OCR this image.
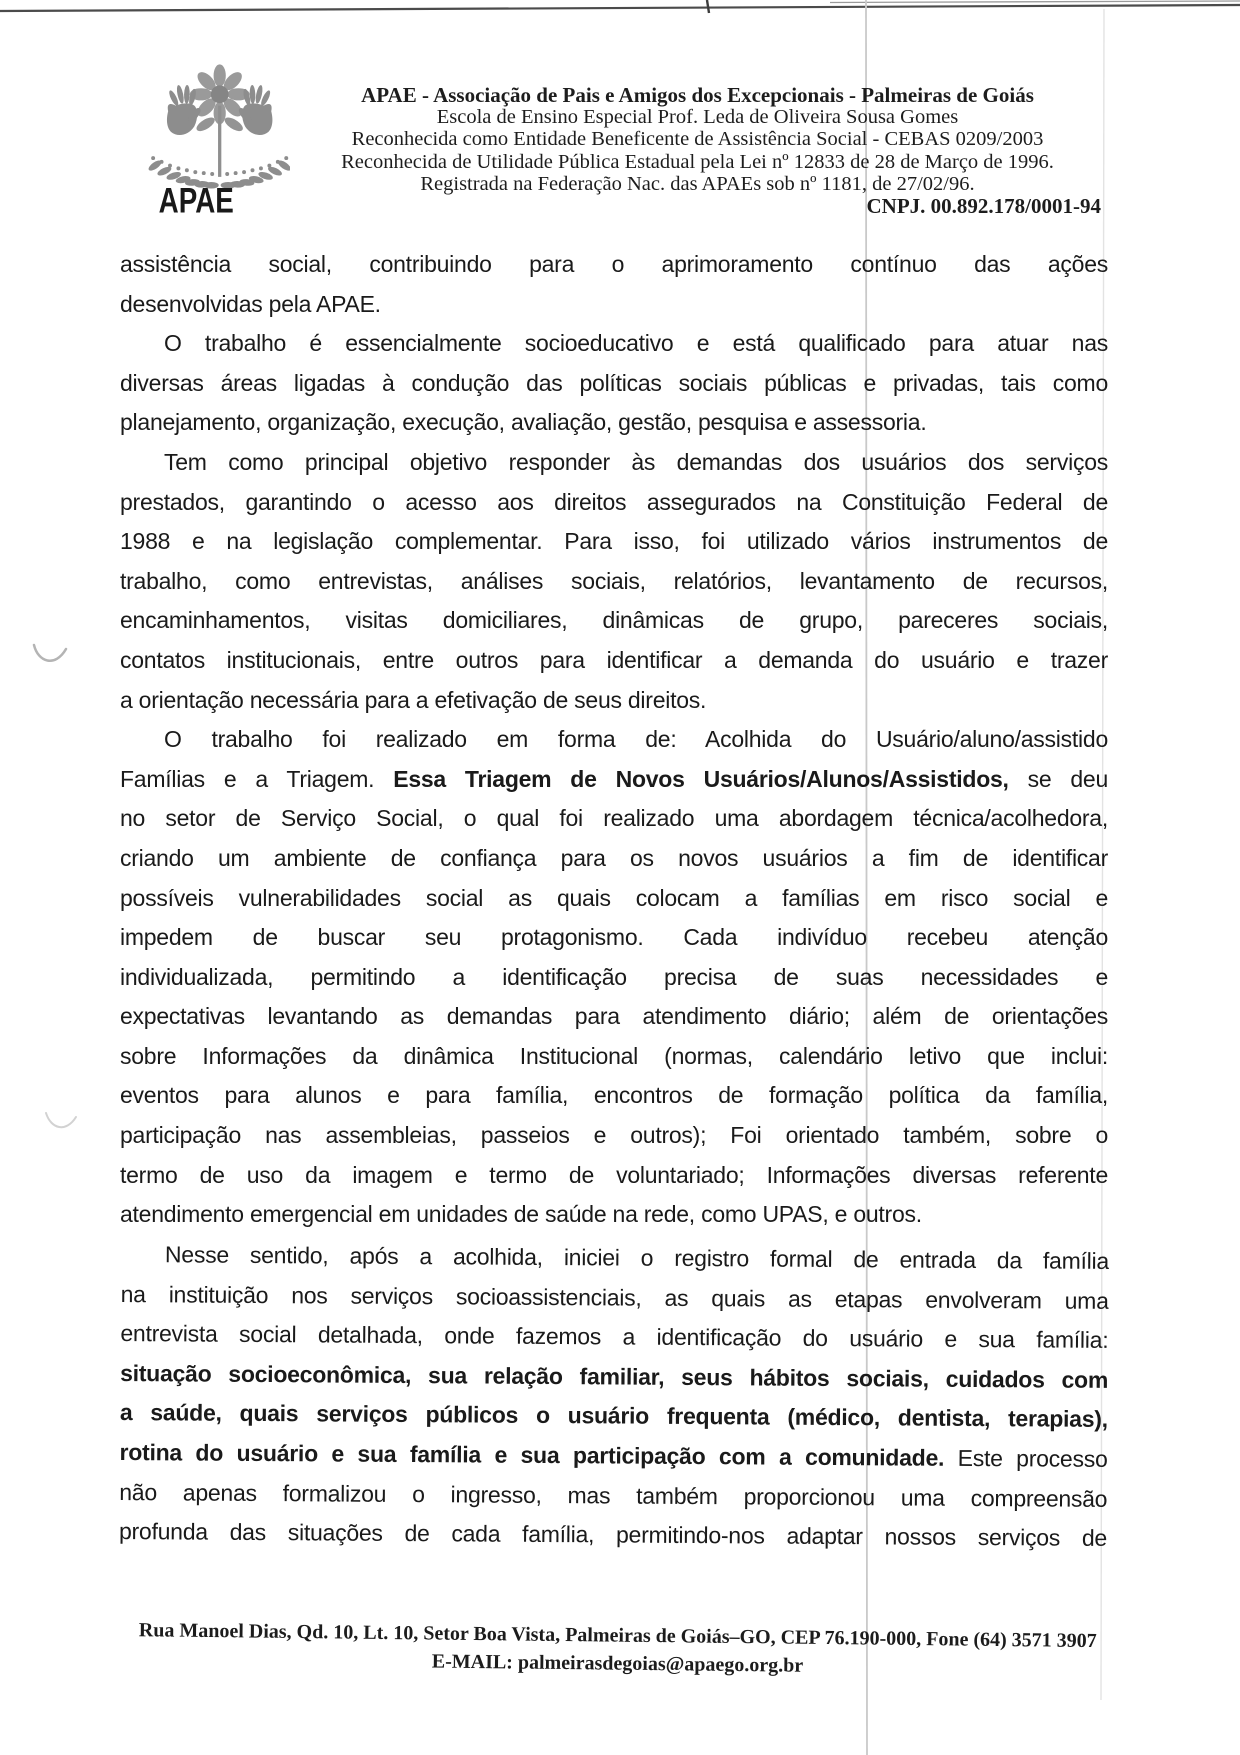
APAE
APAE - Associação de Pais e Amigos dos Excepcionais - Palmeiras de Goiás
Escola de Ensino Especial Prof. Leda de Oliveira Sousa Gomes
Reconhecida como Entidade Beneficente de Assistência Social - CEBAS 0209/2003
Reconhecida de Utilidade Pública Estadual pela Lei nº 12833 de 28 de Março de 1996.
Registrada na Federação Nac. das APAEs sob nº 1181, de 27/02/96.
CNPJ. 00.892.178/0001-94
assistência social, contribuindo para o aprimoramento contínuo das ações
desenvolvidas pela APAE.
O trabalho é essencialmente socioeducativo e está qualificado para atuar nas
diversas áreas ligadas à condução das políticas sociais públicas e privadas, tais como
planejamento, organização, execução, avaliação, gestão, pesquisa e assessoria.
Tem como principal objetivo responder às demandas dos usuários dos serviços
prestados, garantindo o acesso aos direitos assegurados na Constituição Federal de
1988 e na legislação complementar. Para isso, foi utilizado vários instrumentos de
trabalho, como entrevistas, análises sociais, relatórios, levantamento de recursos,
encaminhamentos, visitas domiciliares, dinâmicas de grupo, pareceres sociais,
contatos institucionais, entre outros para identificar a demanda do usuário e trazer
a orientação necessária para a efetivação de seus direitos.
O trabalho foi realizado em forma de: Acolhida do Usuário/aluno/assistido
Famílias e a Triagem. Essa Triagem de Novos Usuários/Alunos/Assistidos, se deu
no setor de Serviço Social, o qual foi realizado uma abordagem técnica/acolhedora,
criando um ambiente de confiança para os novos usuários a fim de identificar
possíveis vulnerabilidades social as quais colocam a famílias em risco social e
impedem de buscar seu protagonismo. Cada indivíduo recebeu atenção
individualizada, permitindo a identificação precisa de suas necessidades e
expectativas levantando as demandas para atendimento diário; além de orientações
sobre Informações da dinâmica Institucional (normas, calendário letivo que inclui:
eventos para alunos e para família, encontros de formação política da família,
participação nas assembleias, passeios e outros); Foi orientado também, sobre o
termo de uso da imagem e termo de voluntariado; Informações diversas referente
atendimento emergencial em unidades de saúde na rede, como UPAS, e outros.
Nesse sentido, após a acolhida, iniciei o registro formal de entrada da família
na instituição nos serviços socioassistenciais, as quais as etapas envolveram uma
entrevista social detalhada, onde fazemos a identificação do usuário e sua família:
situação socioeconômica, sua relação familiar, seus hábitos sociais, cuidados com
a saúde, quais serviços públicos o usuário frequenta (médico, dentista, terapias),
rotina do usuário e sua família e sua participação com a comunidade. Este processo
não apenas formalizou o ingresso, mas também proporcionou uma compreensão
profunda das situações de cada família, permitindo-nos adaptar nossos serviços de
Rua Manoel Dias, Qd. 10, Lt. 10, Setor Boa Vista, Palmeiras de Goiás–GO, CEP 76.190-000, Fone (64) 3571 3907
E-MAIL: palmeirasdegoias@apaego.org.br
